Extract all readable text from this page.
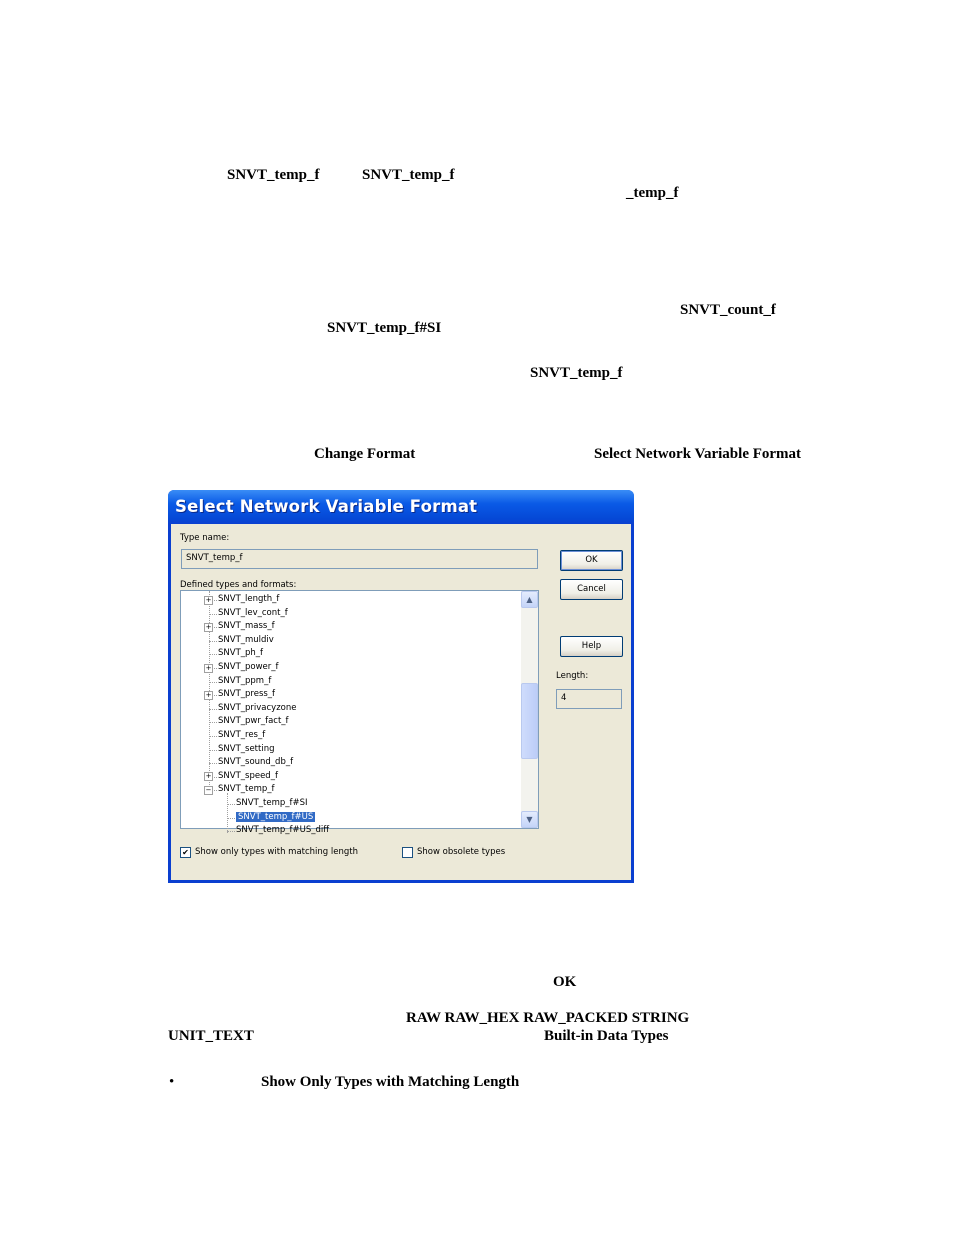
SNVT_temp_f	SNVT_temp_f
_temp_f
SNVT_count_f
SNVT_temp_f#SI
SNVT_temp_f
Change Format	Select Network Variable Format
Select Network Variable Format
Type name:
SNVT_temp_f	OK
Cancel
Help
Defined types and formats:
SNVT_length_f
+
SNVT_lev_cont_f
SNVT_mass_f
+
SNVT_muldiv
SNVT_ph_f
SNVT_power_f
+
SNVT_ppm_f
SNVT_press_f
+
SNVT_privacyzone
SNVT_pwr_fact_f
SNVT_res_f
SNVT_setting
SNVT_sound_db_f
SNVT_speed_f
+
SNVT_temp_f
−
SNVT_temp_f#SI
SNVT_temp_f#US
SNVT_temp_f#US_diff
▲
▼
Length:
4
✔ Show only types with matching length	Show obsolete types
OK
RAW RAW_HEX RAW_PACKED STRING
UNIT_TEXT	Built-in Data Types
•	Show Only Types with Matching Length
